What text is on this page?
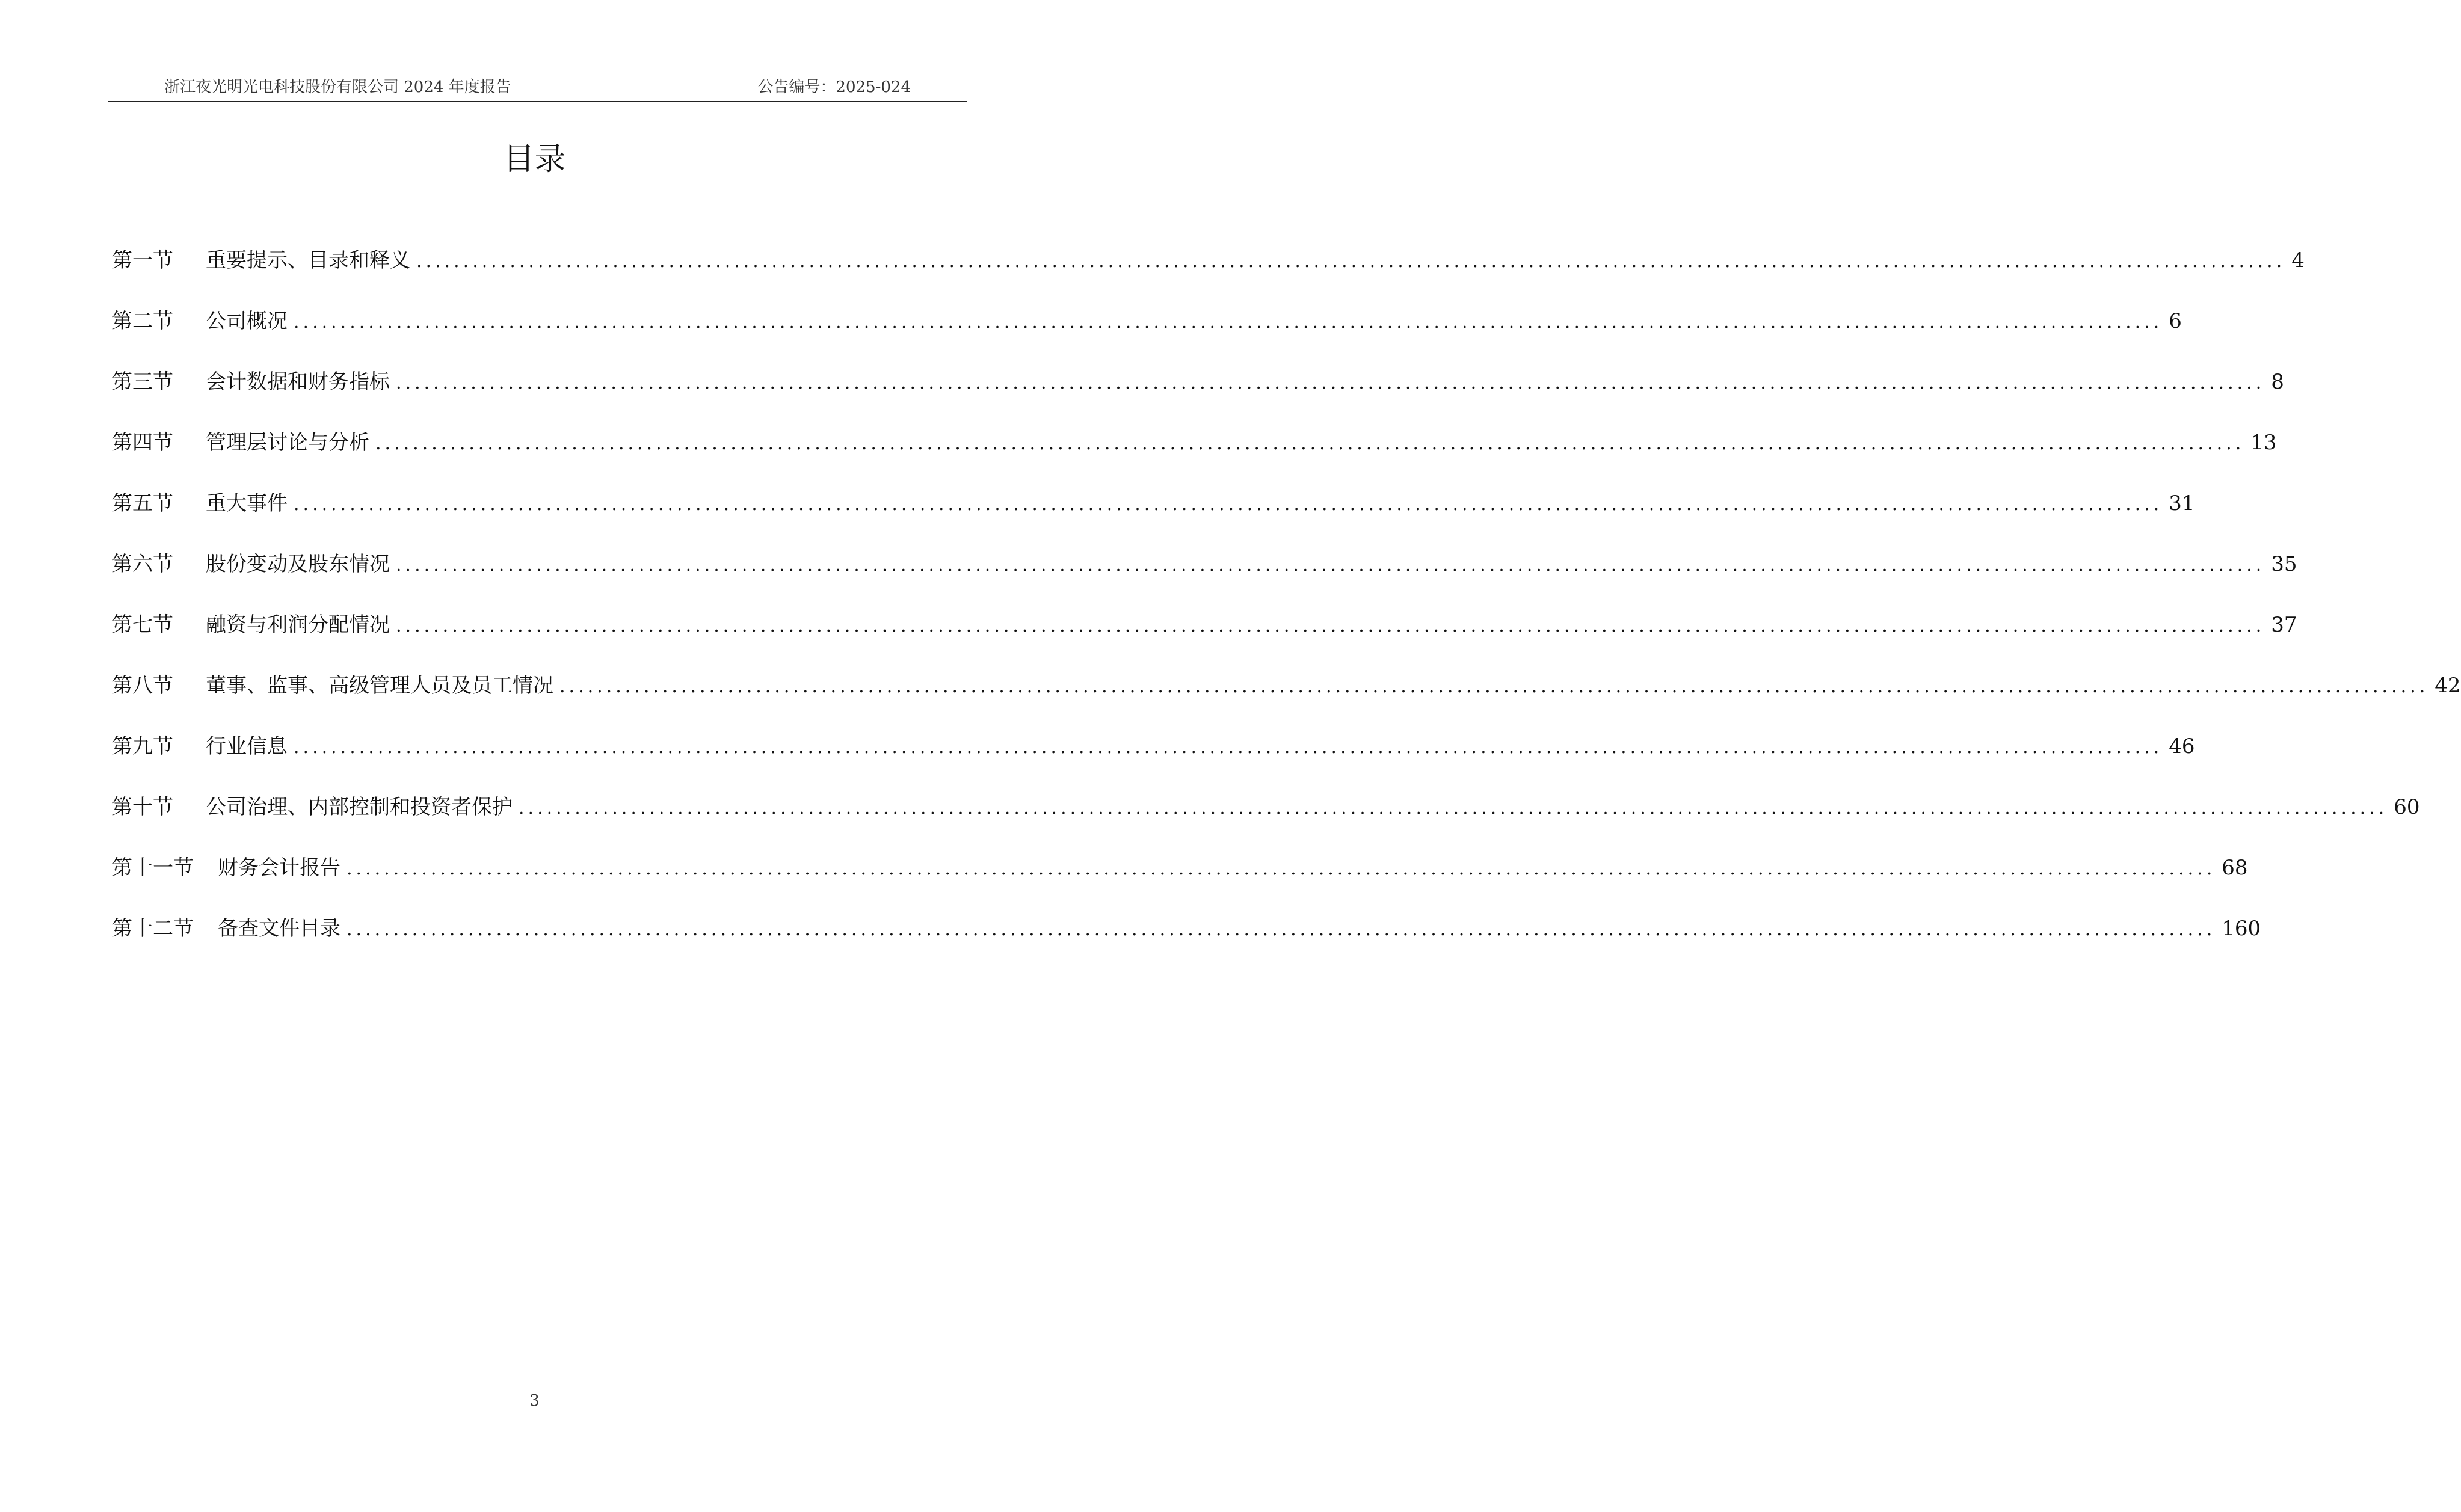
浙江夜光明光电科技股份有限公司 2024 年度报告	公告编号：2025-024
目录
第一节 重要提示、目录和释义 ........................................................................................................................................................................................................ 4
第二节 公司概况 ........................................................................................................................................................................................................ 6
第三节 会计数据和财务指标 ........................................................................................................................................................................................................ 8
第四节 管理层讨论与分析 ........................................................................................................................................................................................................ 13
第五节 重大事件 ........................................................................................................................................................................................................ 31
第六节 股份变动及股东情况 ........................................................................................................................................................................................................ 35
第七节 融资与利润分配情况 ........................................................................................................................................................................................................ 37
第八节 董事、监事、高级管理人员及员工情况 ........................................................................................................................................................................................................ 42
第九节 行业信息 ........................................................................................................................................................................................................ 46
第十节 公司治理、内部控制和投资者保护 ........................................................................................................................................................................................................ 60
第十一节 财务会计报告 ........................................................................................................................................................................................................ 68
第十二节 备查文件目录 ........................................................................................................................................................................................................ 160
3
